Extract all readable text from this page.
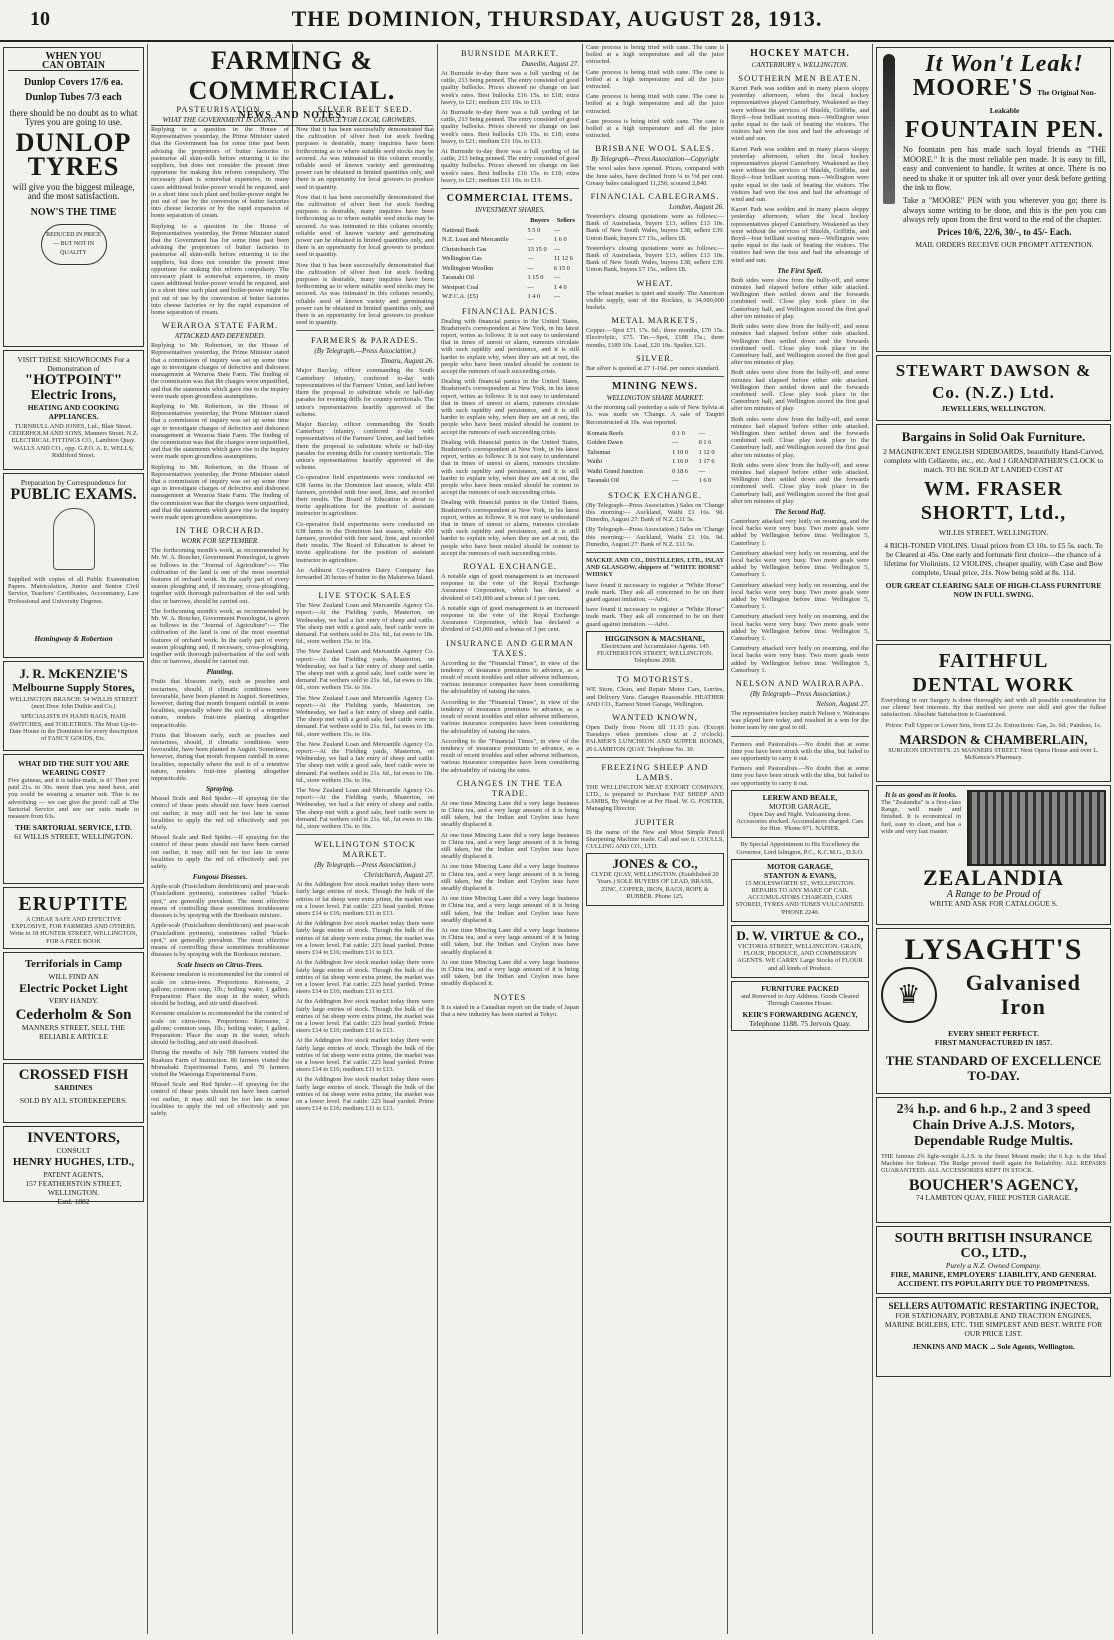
10	THE DOMINION, THURSDAY, AUGUST 28, 1913.
WHEN YOU
CAN OBTAIN
Dunlop Covers 17/6 ea.
Dunlop Tubes 7/3 each
there should be no doubt as to what Tyres you are going to use.
DUNLOP
TYRES
will give you the biggest mileage, and the most satisfaction.
NOW'S THE TIME
REDUCED IN PRICE— BUT NOT IN QUALITY
VISIT THESE SHOWROOMS For a Demonstration of
"HOTPOINT"
Electric Irons,
HEATING AND COOKING APPLIANCES.
TURNBULL AND JONES, Ltd., Blair Street. CEDERHOLM AND SONS, Manners Street. N.Z. ELECTRICAL FITTINGS CO., Lambton Quay. WALLS AND CO., opp. G.P.O. A. E. WELLS, Riddiford Street.
Preparation by Correspondence for
PUBLIC EXAMS.
Supplied with copies of all Public Examination Papers. Matriculation, Junior and Senior Civil Service, Teachers' Certificates, Accountancy, Law Professional and University Degrees.
Hemingway & Robertson
J. R. McKENZIE'S
Melbourne Supply Stores,
WELLINGTON BRANCH: 54 WILLIS STREET (next Door John Duthie and Co.)
SPECIALISTS IN HAND BAGS, HAIR SWITCHES, and TOILETRIES. The Most Up-to-Date House in the Dominion for every description of FANCY GOODS, Etc.
WHAT DID THE SUIT YOU ARE WEARING COST?
Five guineas, and it is tailor-made, is it? Then you paid 21s. to 30s. more than you need have, and you could be wearing a smarter suit. This is no advertising — we can give the proof: call at The Sartorial Service and see our suits made to measure from 63s.
THE SARTORIAL SERVICE, LTD.
61 WILLIS STREET, WELLINGTON.
ERUPTITE
A CHEAP, SAFE AND EFFECTIVE EXPLOSIVE, FOR FARMERS AND OTHERS. Write to 18 HUNTER STREET, WELLINGTON, FOR A FREE BOOK
Terriforials in Camp
WILL FIND AN
Electric Pocket Light
VERY HANDY.
Cederholm & Son
MANNERS STREET, SELL THE RELIABLE ARTICLE
CROSSED FISH
SARDINES
SOLD BY ALL STOREKEEPERS.
INVENTORS,
CONSULT
HENRY HUGHES, LTD.,
PATENT AGENTS,
157 FEATHERSTON STREET, WELLINGTON.
Estd. 1882
FARMING & COMMERCIAL.
NEWS AND NOTES.
PASTEURISATION.
WHAT THE GOVERNMENT IS DOING.

Replying to a question in the House of Representatives yesterday, the Prime Minister stated that the Government has for some time past been advising the proprietors of butter factories to pasteurise all skim-milk before returning it to the suppliers, but does not consider the present time opportune for making this reform compulsory. The necessary plant is somewhat expensive, in many cases additional boiler-power would be required, and in a short time such plant and boiler-power might be put out of use by the conversion of butter factories into cheese factories or by the rapid expansion of home separation of cream.

Replying to a question in the House of Representatives yesterday, the Prime Minister stated that the Government has for some time past been advising the proprietors of butter factories to pasteurise all skim-milk before returning it to the suppliers, but does not consider the present time opportune for making this reform compulsory. The necessary plant is somewhat expensive, in many cases additional boiler-power would be required, and in a short time such plant and boiler-power might be put out of use by the conversion of butter factories into cheese factories or by the rapid expansion of home separation of cream.

WERAROA STATE FARM.
ATTACKED AND DEFENDED.

Replying to Mr. Robertson, in the House of Representatives yesterday, the Prime Minister stated that a commission of inquiry was set up some time ago to investigate charges of defective and dishonest management at Weraroa State Farm. The finding of the commission was that the charges were unjustified, and that the statements which gave rise to the inquiry were made upon groundless assumptions.

Replying to Mr. Robertson, in the House of Representatives yesterday, the Prime Minister stated that a commission of inquiry was set up some time ago to investigate charges of defective and dishonest management at Weraroa State Farm. The finding of the commission was that the charges were unjustified, and that the statements which gave rise to the inquiry were made upon groundless assumptions.

Replying to Mr. Robertson, in the House of Representatives yesterday, the Prime Minister stated that a commission of inquiry was set up some time ago to investigate charges of defective and dishonest management at Weraroa State Farm. The finding of the commission was that the charges were unjustified, and that the statements which gave rise to the inquiry were made upon groundless assumptions.

IN THE ORCHARD.
WORK FOR SEPTEMBER.

The forthcoming month's work, as recommended by Mr. W. A. Boucher, Government Pomologist, is given as follows in the "Journal of Agriculture":— The cultivation of the land is one of the most essential features of orchard work. In the early part of every season ploughing and, if necessary, cross-ploughing, together with thorough pulverisation of the soil with disc or harrows, should be carried out.

The forthcoming month's work, as recommended by Mr. W. A. Boucher, Government Pomologist, is given as follows in the "Journal of Agriculture":— The cultivation of the land is one of the most essential features of orchard work. In the early part of every season ploughing and, if necessary, cross-ploughing, together with thorough pulverisation of the soil with disc or harrows, should be carried out.

Planting.

Fruits that blossom early, such as peaches and nectarines, should, if climatic conditions were favourable, have been planted in August. Sometimes, however, during that month frequent rainfall in some localities, especially where the soil is of a retentive nature, renders fruit-tree planting altogether impracticable.

Fruits that blossom early, such as peaches and nectarines, should, if climatic conditions were favourable, have been planted in August. Sometimes, however, during that month frequent rainfall in some localities, especially where the soil is of a retentive nature, renders fruit-tree planting altogether impracticable.

Spraying.

Mussel Scale and Red Spider.—If spraying for the control of these pests should not have been carried out earlier, it may still not be too late in some localities to apply the red oil effectively and yet safely.

Mussel Scale and Red Spider.—If spraying for the control of these pests should not have been carried out earlier, it may still not be too late in some localities to apply the red oil effectively and yet safely.

Fungous Diseases.

Apple-scab (Fusicladium dendriticum) and pear-scab (Fusicladium pyrinum), sometimes called "black-spot," are generally prevalent. The most effective means of controlling these sometimes troublesome diseases is by spraying with the Bordeaux mixture.

Apple-scab (Fusicladium dendriticum) and pear-scab (Fusicladium pyrinum), sometimes called "black-spot," are generally prevalent. The most effective means of controlling these sometimes troublesome diseases is by spraying with the Bordeaux mixture.

Scale Insects on Citrus-Trees.

Kerosene emulsion is recommended for the control of scale on citrus-trees. Proportions: Kerosene, 2 gallons; common soap, 1lb.; boiling water, 1 gallon. Preparation: Place the soap in the water, which should be boiling, and stir until dissolved.

Kerosene emulsion is recommended for the control of scale on citrus-trees. Proportions: Kerosene, 2 gallons; common soap, 1lb.; boiling water, 1 gallon. Preparation: Place the soap in the water, which should be boiling, and stir until dissolved.

During the months of July 788 farmers visited the Ruakura Farm of Instruction. 86 farmers visited the Momahaki Experimental Farm, and 70 farmers visited the Waerenga Experimental Farm.

Mussel Scale and Red Spider.—If spraying for the control of these pests should not have been carried out earlier, it may still not be too late in some localities to apply the red oil effectively and yet safely.

SILVER BEET SEED.
CHANCE FOR LOCAL GROWERS.

Now that it has been successfully demonstrated that the cultivation of silver beet for stock feeding purposes is desirable, many inquiries have been forthcoming as to where suitable seed stocks may be secured. As was intimated in this column recently, reliable seed of known variety and germinating power can be obtained in limited quantities only, and there is an opportunity for local growers to produce seed in quantity.

Now that it has been successfully demonstrated that the cultivation of silver beet for stock feeding purposes is desirable, many inquiries have been forthcoming as to where suitable seed stocks may be secured. As was intimated in this column recently, reliable seed of known variety and germinating power can be obtained in limited quantities only, and there is an opportunity for local growers to produce seed in quantity.

Now that it has been successfully demonstrated that the cultivation of silver beet for stock feeding purposes is desirable, many inquiries have been forthcoming as to where suitable seed stocks may be secured. As was intimated in this column recently, reliable seed of known variety and germinating power can be obtained in limited quantities only, and there is an opportunity for local growers to produce seed in quantity.

FARMERS & PARADES.
(By Telegraph.—Press Association.)
Timaru, August 26.

Major Barclay, officer commanding the South Canterbury infantry, conferred to-day with representatives of the Farmers' Union, and laid before them the proposal to substitute whole or half-day parades for evening drills for country territorials. The union's representatives heartily approved of the scheme.

Major Barclay, officer commanding the South Canterbury infantry, conferred to-day with representatives of the Farmers' Union, and laid before them the proposal to substitute whole or half-day parades for evening drills for country territorials. The union's representatives heartily approved of the scheme.

Co-operative field experiments were conducted on 638 farms in the Dominion last season, while 450 farmers, provided with free seed, lime, and recorded their results. The Board of Education is about to invite applications for the position of assistant instructor in agriculture.

Co-operative field experiments were conducted on 638 farms in the Dominion last season, while 450 farmers, provided with free seed, lime, and recorded their results. The Board of Education is about to invite applications for the position of assistant instructor in agriculture.

An Ashhurst Co-operative Dairy Company has forwarded 20 boxes of butter to the Makerewa Island.

LIVE STOCK SALES

The New Zealand Loan and Mercantile Agency Co. report:—At the Fielding yards, Masterton, on Wednesday, we had a fair entry of sheep and cattle. The sheep met with a good sale, beef cattle were in demand. Fat wethers sold to 21s. 6d., fat ewes to 18s. 6d., store wethers 15s. to 16s.

The New Zealand Loan and Mercantile Agency Co. report:—At the Fielding yards, Masterton, on Wednesday, we had a fair entry of sheep and cattle. The sheep met with a good sale, beef cattle were in demand. Fat wethers sold to 21s. 6d., fat ewes to 18s. 6d., store wethers 15s. to 16s.

The New Zealand Loan and Mercantile Agency Co. report:—At the Fielding yards, Masterton, on Wednesday, we had a fair entry of sheep and cattle. The sheep met with a good sale, beef cattle were in demand. Fat wethers sold to 21s. 6d., fat ewes to 18s. 6d., store wethers 15s. to 16s.

The New Zealand Loan and Mercantile Agency Co. report:—At the Fielding yards, Masterton, on Wednesday, we had a fair entry of sheep and cattle. The sheep met with a good sale, beef cattle were in demand. Fat wethers sold to 21s. 6d., fat ewes to 18s. 6d., store wethers 15s. to 16s.

The New Zealand Loan and Mercantile Agency Co. report:—At the Fielding yards, Masterton, on Wednesday, we had a fair entry of sheep and cattle. The sheep met with a good sale, beef cattle were in demand. Fat wethers sold to 21s. 6d., fat ewes to 18s. 6d., store wethers 15s. to 16s.

WELLINGTON STOCK MARKET.
(By Telegraph.—Press Association.)
Christchurch, August 27.

At the Addington live stock market today there were fairly large entries of stock. Though the bulk of the entries of fat sheep were extra prime, the market was on a lower level. Fat cattle: 223 head yarded. Prime steers £14 to £16; medium £11 to £13.

At the Addington live stock market today there were fairly large entries of stock. Though the bulk of the entries of fat sheep were extra prime, the market was on a lower level. Fat cattle: 223 head yarded. Prime steers £14 to £16; medium £11 to £13.

At the Addington live stock market today there were fairly large entries of stock. Though the bulk of the entries of fat sheep were extra prime, the market was on a lower level. Fat cattle: 223 head yarded. Prime steers £14 to £16; medium £11 to £13.

At the Addington live stock market today there were fairly large entries of stock. Though the bulk of the entries of fat sheep were extra prime, the market was on a lower level. Fat cattle: 223 head yarded. Prime steers £14 to £16; medium £11 to £13.

At the Addington live stock market today there were fairly large entries of stock. Though the bulk of the entries of fat sheep were extra prime, the market was on a lower level. Fat cattle: 223 head yarded. Prime steers £14 to £16; medium £11 to £13.

At the Addington live stock market today there were fairly large entries of stock. Though the bulk of the entries of fat sheep were extra prime, the market was on a lower level. Fat cattle: 223 head yarded. Prime steers £14 to £16; medium £11 to £13.

BURNSIDE MARKET.
Dunedin, August 27.

At Burnside to-day there was a full yarding of fat cattle, 213 being penned. The entry consisted of good quality bullocks. Prices showed no change on last week's rates. Best bullocks £16 15s. to £18; extra heavy, to £21; medium £11 10s. to £13.

At Burnside to-day there was a full yarding of fat cattle, 213 being penned. The entry consisted of good quality bullocks. Prices showed no change on last week's rates. Best bullocks £16 15s. to £18; extra heavy, to £21; medium £11 10s. to £13.

At Burnside to-day there was a full yarding of fat cattle, 213 being penned. The entry consisted of good quality bullocks. Prices showed no change on last week's rates. Best bullocks £16 15s. to £18; extra heavy, to £21; medium £11 10s. to £13.

COMMERCIAL ITEMS.
INVESTMENT SHARES.
	Buyers	Sellers
National Bank	5 5 0	—
N.Z. Loan and Mercantile	—	1 6 0
Christchurch Gas	13 15 0	—
Wellington Gas	—	11 12 6
Wellington Woollen	—	6 15 0
Taranaki Oil	1 15 0	—
Westport Coal	—	1 4 0
W.F.C.A. (£5)	1 4 0	—
FINANCIAL PANICS.

Dealing with financial panics in the United States, Bradstreet's correspondent at New York, in his latest report, writes as follows: It is not easy to understand that in times of unrest or alarm, rumours circulate with such rapidity and persistence, and it is still harder to explain why, when they are set at rest, the people who have been misled should be content to accept the rumours of each succeeding crisis.

Dealing with financial panics in the United States, Bradstreet's correspondent at New York, in his latest report, writes as follows: It is not easy to understand that in times of unrest or alarm, rumours circulate with such rapidity and persistence, and it is still harder to explain why, when they are set at rest, the people who have been misled should be content to accept the rumours of each succeeding crisis.

Dealing with financial panics in the United States, Bradstreet's correspondent at New York, in his latest report, writes as follows: It is not easy to understand that in times of unrest or alarm, rumours circulate with such rapidity and persistence, and it is still harder to explain why, when they are set at rest, the people who have been misled should be content to accept the rumours of each succeeding crisis.

Dealing with financial panics in the United States, Bradstreet's correspondent at New York, in his latest report, writes as follows: It is not easy to understand that in times of unrest or alarm, rumours circulate with such rapidity and persistence, and it is still harder to explain why, when they are set at rest, the people who have been misled should be content to accept the rumours of each succeeding crisis.

ROYAL EXCHANGE.

A notable sign of good management is an increased response in the vote of the Royal Exchange Assurance Corporation, which has declared a dividend of £43,000 and a bonus of 3 per cent.

A notable sign of good management is an increased response in the vote of the Royal Exchange Assurance Corporation, which has declared a dividend of £43,000 and a bonus of 3 per cent.

INSURANCE AND GERMAN TAXES.

According to the "Financial Times", in view of the tendency of insurance premiums to advance, as a result of recent troubles and other adverse influences, various insurance companies have been considering the advisability of raising the rates.

According to the "Financial Times", in view of the tendency of insurance premiums to advance, as a result of recent troubles and other adverse influences, various insurance companies have been considering the advisability of raising the rates.

According to the "Financial Times", in view of the tendency of insurance premiums to advance, as a result of recent troubles and other adverse influences, various insurance companies have been considering the advisability of raising the rates.

CHANGES IN THE TEA TRADE.

At one time Mincing Lane did a very large business in China tea, and a very large amount of it is being still taken, but the Indian and Ceylon teas have steadily displaced it.

At one time Mincing Lane did a very large business in China tea, and a very large amount of it is being still taken, but the Indian and Ceylon teas have steadily displaced it.

At one time Mincing Lane did a very large business in China tea, and a very large amount of it is being still taken, but the Indian and Ceylon teas have steadily displaced it.

At one time Mincing Lane did a very large business in China tea, and a very large amount of it is being still taken, but the Indian and Ceylon teas have steadily displaced it.

At one time Mincing Lane did a very large business in China tea, and a very large amount of it is being still taken, but the Indian and Ceylon teas have steadily displaced it.

At one time Mincing Lane did a very large business in China tea, and a very large amount of it is being still taken, but the Indian and Ceylon teas have steadily displaced it.

NOTES

It is stated in a Canadian report on the trade of Japan that a new industry has been started at Tokyo.

Cane process is being tried with cane. The cane is boiled at a high temperature and all the juice extracted.

Cane process is being tried with cane. The cane is boiled at a high temperature and all the juice extracted.

Cane process is being tried with cane. The cane is boiled at a high temperature and all the juice extracted.

Cane process is being tried with cane. The cane is boiled at a high temperature and all the juice extracted.

BRISBANE WOOL SALES.
By Telegraph—Press Association—Copyright

The wool sales have opened. Prices, compared with the June sales, have declined from ¼ to ½d per cent. Greasy bales catalogued 11,256; scoured 2,840.

FINANCIAL CABLEGRAMS.
London, August 26.

Yesterday's closing quotations were as follows:— Bank of Australasia, buyers £13, sellers £13 10s. Bank of New South Wales, buyers £38, sellers £39. Union Bank, buyers £7 15s., sellers £8.

Yesterday's closing quotations were as follows:— Bank of Australasia, buyers £13, sellers £13 10s. Bank of New South Wales, buyers £38, sellers £39. Union Bank, buyers £7 15s., sellers £8.

WHEAT.

The wheat market is quiet and steady. The American visible supply, east of the Rockies, is 34,600,000 bushels.

METAL MARKETS.

Copper.—Spot £71 17s. 6d.; three months, £70 15s. Electrolytic, £75. Tin.—Spot, £188 15s.; three months, £189 10s. Lead, £20 10s. Spelter, £21.

SILVER.

Bar silver is quoted at 27 1-16d. per ounce standard.

MINING NEWS.
WELLINGTON SHARE MARKET.

At the morning call yesterday a sale of New Sylvia at 1s. was made on 'Change. A sale of Taupiri Reconstructed at 10s. was reported.

Komata Reefs	0 1 0	—
Golden Dawn	—	0 1 6
Talisman	1 10 0	1 12 0
Waihi	1 16 0	1 17 6
Waihi Grand Junction	0 18 6	—
Taranaki Oil	—	1 6 0
STOCK EXCHANGE.

(By Telegraph—Press Association.) Sales on 'Change this morning:— Auckland, Waihi £1 16s. 9d. Dunedin, August 27: Bank of N.Z. £11 5s.

(By Telegraph—Press Association.) Sales on 'Change this morning:— Auckland, Waihi £1 16s. 9d. Dunedin, August 27: Bank of N.Z. £11 5s.

MACKIE AND CO., DISTILLERS, LTD., ISLAY AND GLASGOW, shippers of "WHITE HORSE" WHISKY

have found it necessary to register a "White Horse" trade mark. They ask all concerned to be on their guard against imitation. —Advt.

have found it necessary to register a "White Horse" trade mark. They ask all concerned to be on their guard against imitation. —Advt.

HIGGINSON & MACSHANE,
Electricians and Accumulator Agents. 145 FEATHERSTON STREET, WELLINGTON. Telephone 2008.
TO MOTORISTS.

WE Store, Clean, and Repair Motor Cars, Lorries, and Delivery Vans. Garages Reasonable. HEATHER AND CO., Earnest Street Garage, Wellington.

WANTED KNOWN,

Open Daily from Noon till 11.15 p.m. (Except Tuesdays when premises close at 2 o'clock). PALMER'S LUNCHEON AND SUPPER ROOMS, 20 LAMBTON QUAY. Telephone No. 30.

FREEZING SHEEP AND LAMBS.

THE WELLINGTON MEAT EXPORT COMPANY, LTD., is prepared to Purchase FAT SHEEP AND LAMBS, By Weight or at Per Head. W. G. FOSTER, Managing Director.

JUPITER

IS the name of the New and Most Simple Pencil Sharpening Machine made. Call and see it. COULLS, CULLING AND CO., LTD.

JONES & CO.,
CLYDE QUAY, WELLINGTON. (Established 20 Years.) SOLE BUYERS OF LEAD, BRASS, ZINC, COPPER, IRON, RAGS, ROPE & RUBBER. Phone 125.
HOCKEY MATCH.
CANTERBURY v. WELLINGTON.
SOUTHERN MEN BEATEN.

Karori Park was sodden and in many places sloppy yesterday afternoon, when the local hockey representatives played Canterbury. Weakened as they were without the services of Shields, Griffiths, and Boyd—four brilliant scoring men—Wellington were quite equal to the task of beating the visitors. The visitors had won the toss and had the advantage of wind and sun.

Karori Park was sodden and in many places sloppy yesterday afternoon, when the local hockey representatives played Canterbury. Weakened as they were without the services of Shields, Griffiths, and Boyd—four brilliant scoring men—Wellington were quite equal to the task of beating the visitors. The visitors had won the toss and had the advantage of wind and sun.

Karori Park was sodden and in many places sloppy yesterday afternoon, when the local hockey representatives played Canterbury. Weakened as they were without the services of Shields, Griffiths, and Boyd—four brilliant scoring men—Wellington were quite equal to the task of beating the visitors. The visitors had won the toss and had the advantage of wind and sun.

The First Spell.

Both sides were slow from the bully-off, and some minutes had elapsed before either side attacked. Wellington then settled down and the forwards combined well. Close play took place in the Canterbury half, and Wellington scored the first goal after ten minutes of play.

Both sides were slow from the bully-off, and some minutes had elapsed before either side attacked. Wellington then settled down and the forwards combined well. Close play took place in the Canterbury half, and Wellington scored the first goal after ten minutes of play.

Both sides were slow from the bully-off, and some minutes had elapsed before either side attacked. Wellington then settled down and the forwards combined well. Close play took place in the Canterbury half, and Wellington scored the first goal after ten minutes of play.

Both sides were slow from the bully-off, and some minutes had elapsed before either side attacked. Wellington then settled down and the forwards combined well. Close play took place in the Canterbury half, and Wellington scored the first goal after ten minutes of play.

Both sides were slow from the bully-off, and some minutes had elapsed before either side attacked. Wellington then settled down and the forwards combined well. Close play took place in the Canterbury half, and Wellington scored the first goal after ten minutes of play.

The Second Half.

Canterbury attacked very hotly on resuming, and the local backs were very busy. Two more goals were added by Wellington before time. Wellington 5, Canterbury 1.

Canterbury attacked very hotly on resuming, and the local backs were very busy. Two more goals were added by Wellington before time. Wellington 5, Canterbury 1.

Canterbury attacked very hotly on resuming, and the local backs were very busy. Two more goals were added by Wellington before time. Wellington 5, Canterbury 1.

Canterbury attacked very hotly on resuming, and the local backs were very busy. Two more goals were added by Wellington before time. Wellington 5, Canterbury 1.

Canterbury attacked very hotly on resuming, and the local backs were very busy. Two more goals were added by Wellington before time. Wellington 5, Canterbury 1.

NELSON AND WAIRARAPA.
(By Telegraph—Press Association.)
Nelson, August 27.

The representative hockey match Nelson v. Wairarapa was played here today, and resulted in a win for the home team by one goal to nil.

Farmers and Pastoralists.—No doubt that at some time you have been struck with the idea, but failed to see opportunity to carry it out.

Farmers and Pastoralists.—No doubt that at some time you have been struck with the idea, but failed to see opportunity to carry it out.

LEREW AND BEALE,
MOTOR GARAGE,
Open Day and Night. Vulcanising done. Accessories stocked. Accumulators charged. Cars for Hire. 'Phone 971. NAPIER.

By Special Appointment to His Excellency the Governor, Lord Islington, P.C., K.C.M.G., D.S.O.

MOTOR GARAGE,
STANTON & EVANS,
15 MOLESWORTH ST., WELLINGTON. REPAIRS TO ANY MAKE OF CAR. ACCUMULATORS CHARGED, CARS STORED, TYRES AND TUBES VULCANISED. 'PHONE 2240.
D. W. VIRTUE & CO.,
VICTORIA STREET, WELLINGTON. GRAIN, FLOUR, PRODUCE, AND COMMISSION AGENTS. WE CARRY Large Stocks of FLOUR and all kinds of Produce.
FURNITURE PACKED
and Removed to Any Address. Goods Cleared Through Customs House.
KEIR'S FORWARDING AGENCY,
Telephone 1188. 75 Jervois Quay.
It Won't Leak!
MOORE'S The Original Non-Leakable
FOUNTAIN PEN.
No fountain pen has made such loyal friends as "THE MOORE." It is the most reliable pen made. It is easy to fill, easy and convenient to handle. It writes at once. There is no need to shake it or sputter ink all over your desk before getting the ink to flow.
Take a "MOORE" PEN with you wherever you go; there is always some writing to be done, and this is the pen you can always rely upon from the first word to the end of the chapter.
Prices 10/6, 22/6, 30/-, to 45/- Each.
MAIL ORDERS RECEIVE OUR PROMPT ATTENTION.
STEWART DAWSON & Co. (N.Z.) Ltd.
JEWELLERS, WELLINGTON.
Bargains in Solid Oak Furniture.
2 MAGNIFICENT ENGLISH SIDEBOARDS, beautifully Hand-Carved, complete with Cellarette, etc., etc. And 1 GRANDFATHER'S CLOCK to match. TO BE SOLD AT LANDED COST AT
WM. FRASER SHORTT, Ltd.,
WILLIS STREET, WELLINGTON.
4 RICH-TONED VIOLINS. Usual prices from £3 10s. to £5 5s. each. To be Cleared at 45s. One early and fortunate first choice—the chance of a lifetime for Violinists. 12 VIOLINS, cheaper quality, with Case and Bow complete, Usual price, 21s. Now being sold at 8s. 11d.
OUR GREAT CLEARING SALE OF HIGH-CLASS FURNITURE NOW IN FULL SWING.
FAITHFUL
DENTAL WORK
Everything in our Surgery is done thoroughly and with all possible consideration for our clients' best interests. By that method we prove our skill and give the fullest satisfaction. Absolute Satisfaction is Guaranteed.
Prices: Full Upper or Lower Sets, from £2 2s. Extractions: Gas, 2s. 6d.; Painless, 1s.
MARSDON & CHAMBERLAIN,
SURGEON DENTISTS. 25 MANNERS STREET. Next Opera House and over L. McKenzie's Pharmacy.
It is as good as it looks.
The "Zealandia" is a first-class Range, well made and finished. It is economical in fuel, easy to clean, and has a wide and very fast roaster.
ZEALANDIA
A Range to be Proud of
WRITE AND ASK FOR CATALOGUE S.
LYSAGHT'S
♛	Galvanised Iron
EVERY SHEET PERFECT.
FIRST MANUFACTURED IN 1857.
THE STANDARD OF EXCELLENCE TO-DAY.
2¾ h.p. and 6 h.p., 2 and 3 speed Chain Drive A.J.S. Motors, Dependable Rudge Multis.
THE famous 2¾ light-weight A.J.S. is the finest Mount made; the 6 h.p. is the Ideal Machine for Sidecar. The Rudge proved itself again for Reliability. ALL REPAIRS GUARANTEED. ALL ACCESSORIES KEPT IN STOCK.
BOUCHER'S AGENCY,
74 LAMBTON QUAY, FREE POSTER GARAGE.
SOUTH BRITISH INSURANCE CO., LTD.,
Purely a N.Z. Owned Company.
FIRE, MARINE, EMPLOYERS' LIABILITY, AND GENERAL ACCIDENT. ITS POPULARITY DUE TO PROMPTNESS.
SELLERS AUTOMATIC RESTARTING INJECTOR,
FOR STATIONARY, PORTABLE AND TRACTION ENGINES, MARINE BOILERS, ETC. THE SIMPLEST AND BEST. WRITE FOR OUR PRICE LIST.
JENKINS AND MACK ... Sole Agents, Wellington.
